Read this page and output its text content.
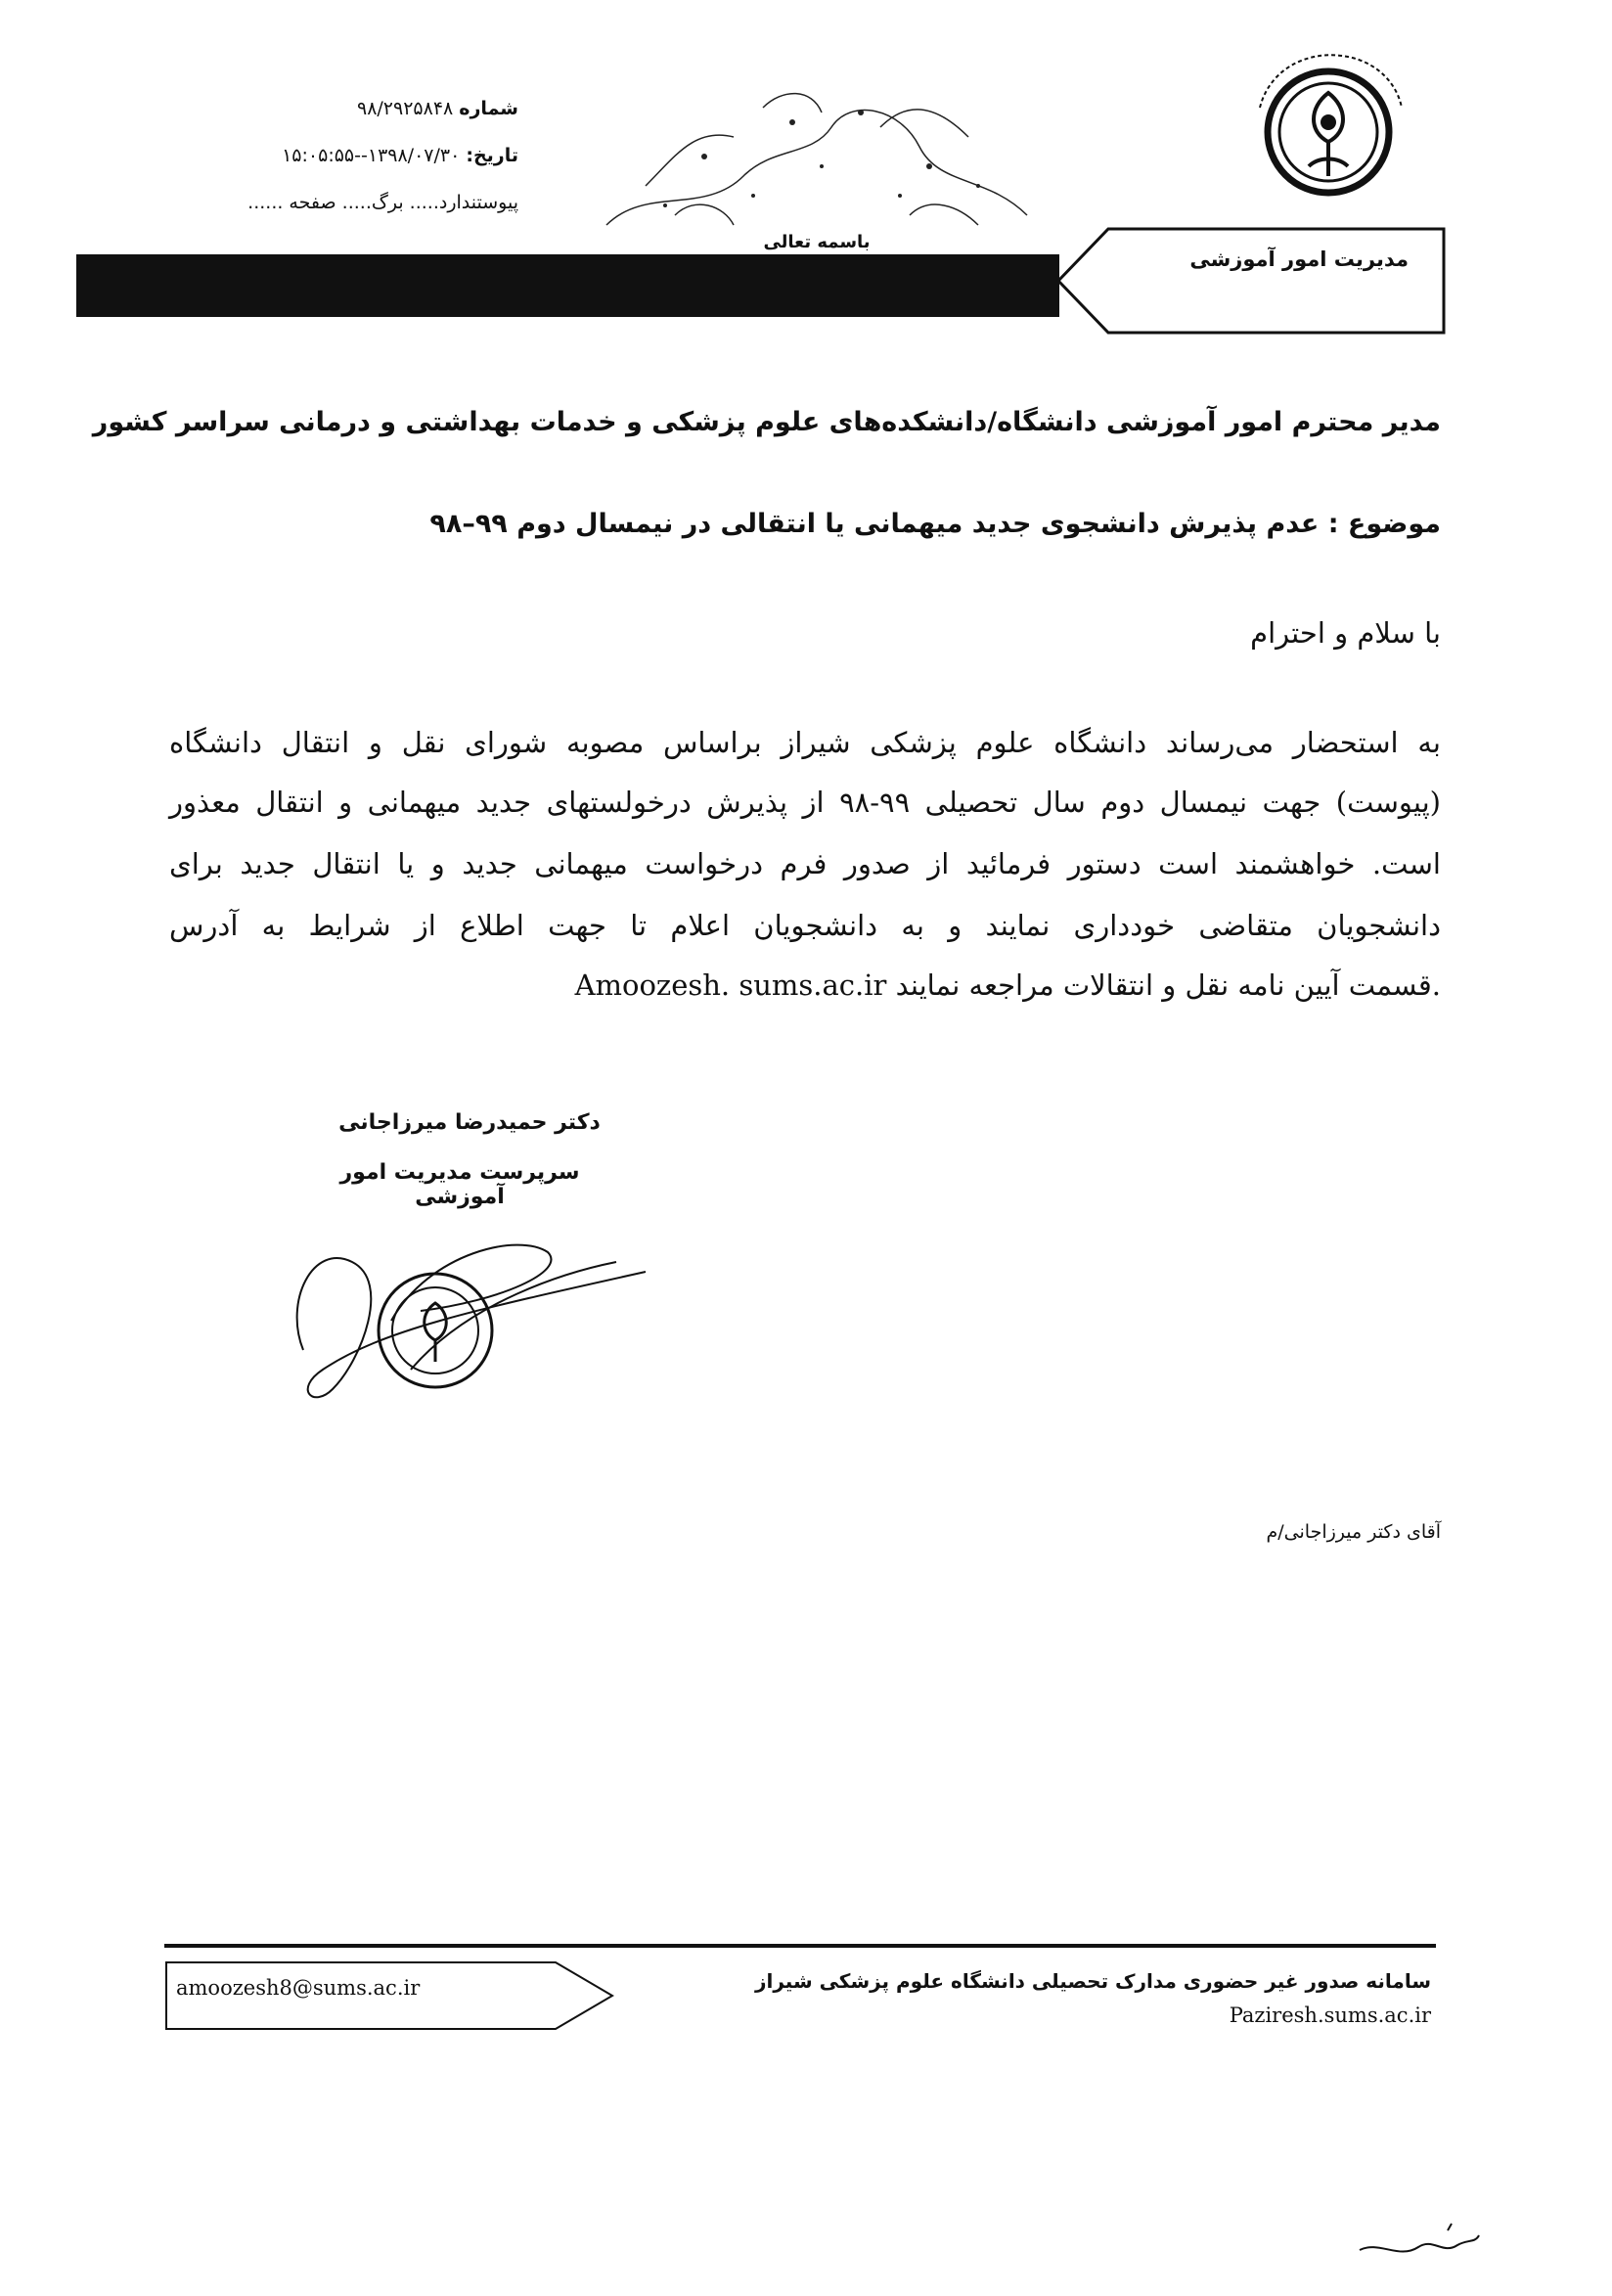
شماره ۹۸/۲۹۲۵۸۴۸
تاریخ: ۱۳۹۸/۰۷/۳۰--۱۵:۰۵:۵۵
پیوستندارد..... برگ..... صفحه ......
باسمه تعالی
مدیریت امور آموزشی
مدیر محترم امور آموزشی دانشگاه/دانشکده‌های علوم پزشکی و خدمات بهداشتی و درمانی سراسر کشور
موضوع : عدم پذیرش دانشجوی جدید میهمانی یا انتقالی در نیمسال دوم ۹۹–۹۸
با سلام و احترام
به استحضار می‌رساند دانشگاه علوم پزشکی شیراز براساس مصوبه شورای نقل و انتقال دانشگاه
(پیوست) جهت نیمسال دوم سال تحصیلی ۹۹-۹۸ از پذیرش درخولستهای جدید میهمانی و انتقال معذور
است. خواهشمند است دستور فرمائید از صدور فرم درخواست میهمانی جدید و یا انتقال جدید برای
دانشجویان متقاضی خودداری نمایند و به دانشجویان اعلام تا جهت اطلاع از شرایط به آدرس
Amoozesh. sums.ac.ir قسمت آیین نامه نقل و انتقالات مراجعه نمایند.
دکتر حمیدرضا میرزاجانی
سرپرست مدیریت امور آموزشی
آقای دکتر میرزاجانی/م
amoozesh8@sums.ac.ir	سامانه صدور غیر حضوری مدارک تحصیلی دانشگاه علوم پزشکی شیراز
Paziresh.sums.ac.ir
